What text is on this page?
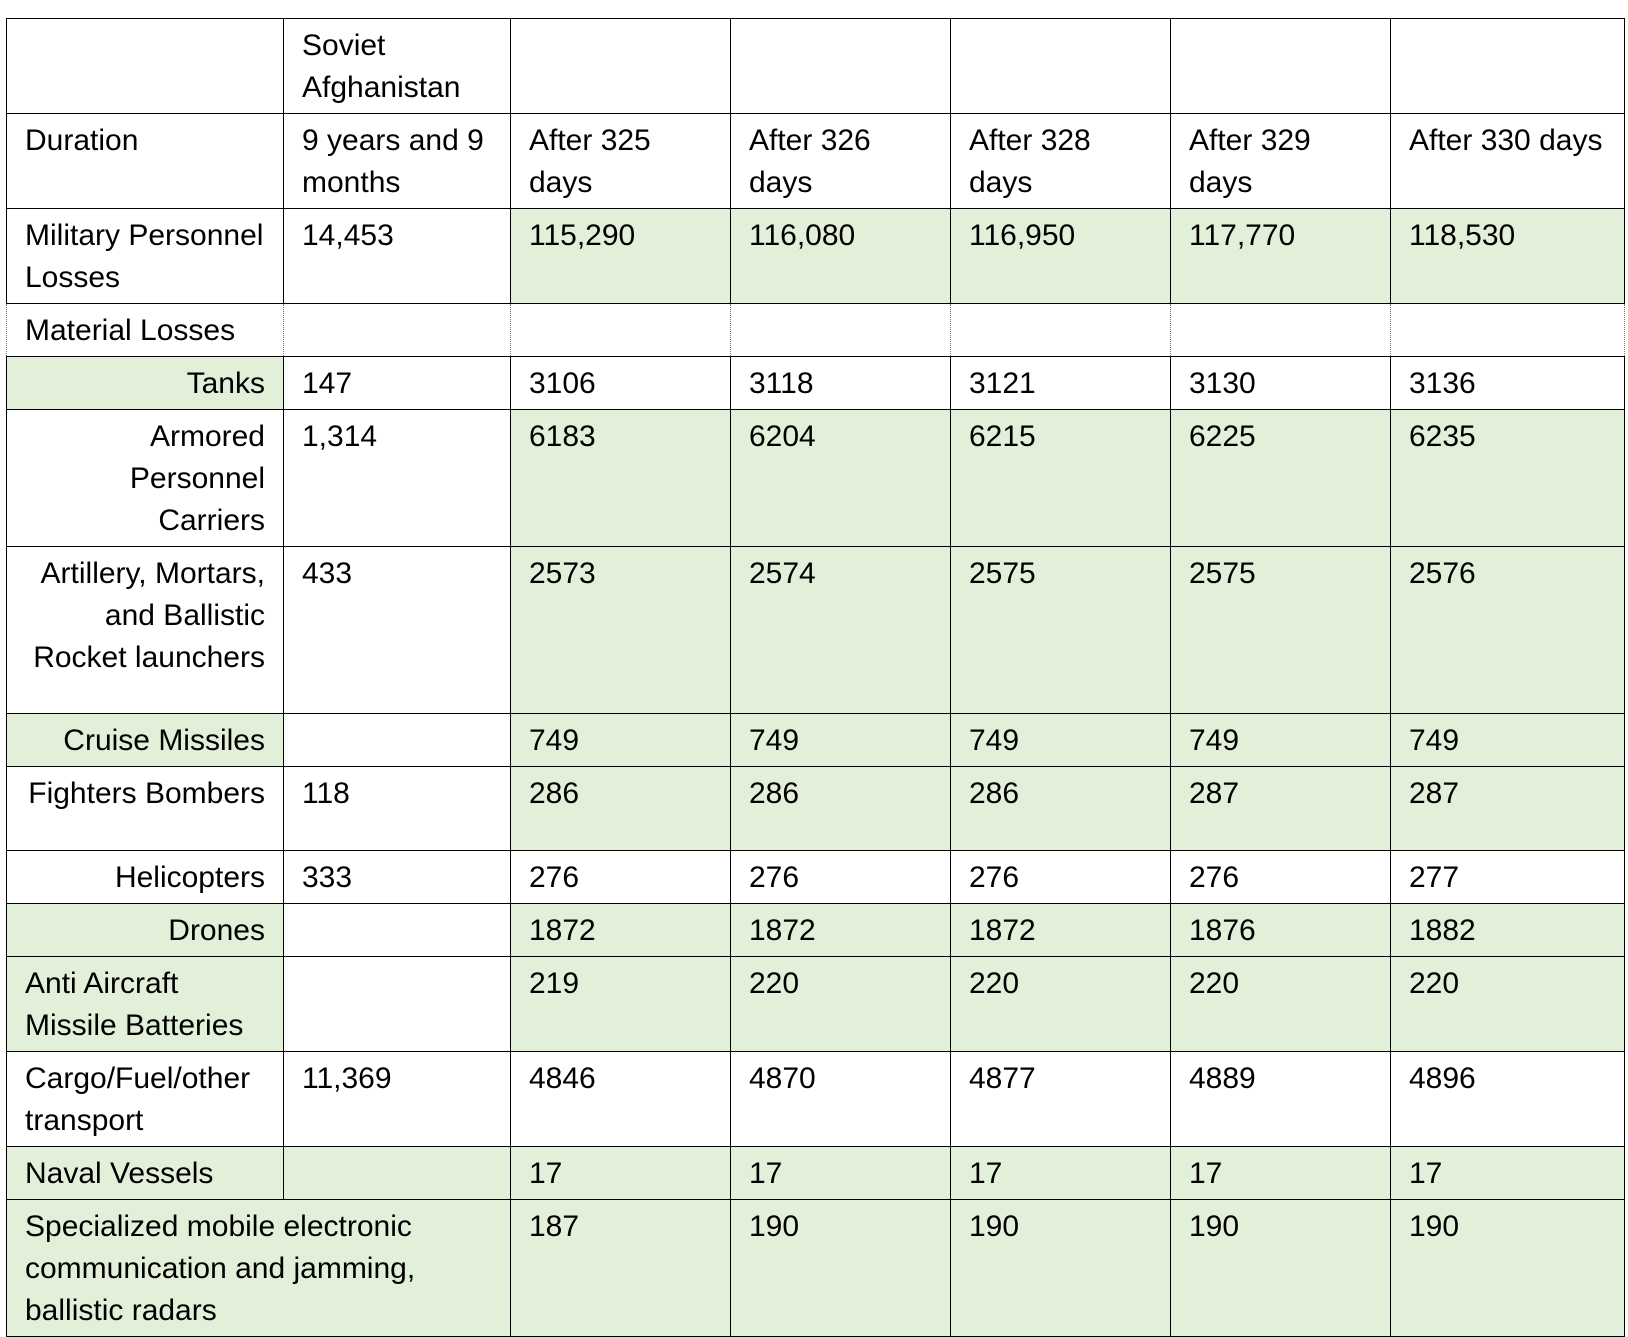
	Soviet Afghanistan					
Duration	9 years and 9 months	After 325 days	After 326 days	After 328 days	After 329 days	After 330 days
Military Personnel Losses	14,453	115,290	116,080	116,950	117,770	118,530
Material Losses						
Tanks	147	3106	3118	3121	3130	3136
Armored Personnel Carriers	1,314	6183	6204	6215	6225	6235
Artillery, Mortars, and Ballistic Rocket launchers	433	2573	2574	2575	2575	2576
Cruise Missiles		749	749	749	749	749
Fighters Bombers	118	286	286	286	287	287
Helicopters	333	276	276	276	276	277
Drones		1872	1872	1872	1876	1882
Anti Aircraft Missile Batteries		219	220	220	220	220
Cargo/Fuel/other transport	11,369	4846	4870	4877	4889	4896
Naval Vessels		17	17	17	17	17
Specialized mobile electronic communication and jamming, ballistic radars		187	190	190	190	190
